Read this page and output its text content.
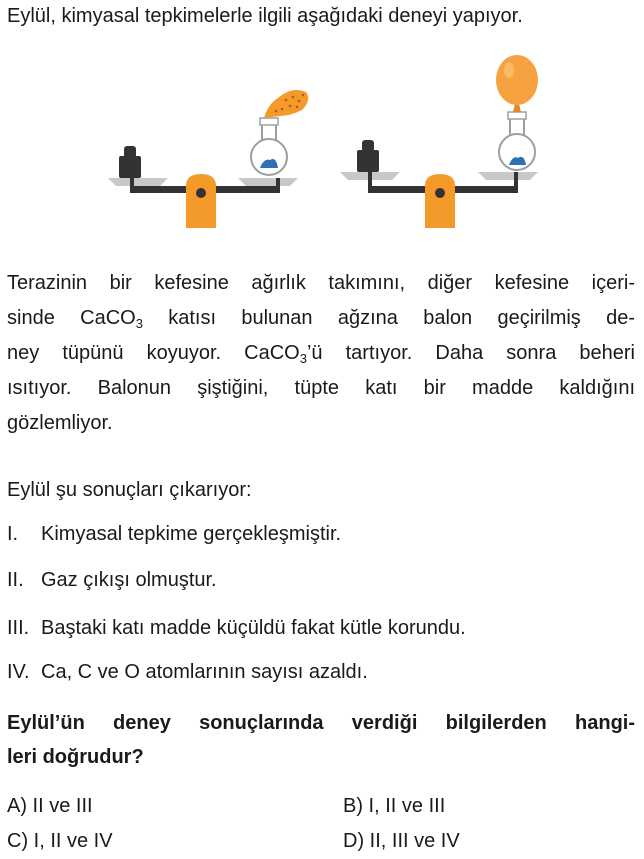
Eylül, kimyasal tepkimelerle ilgili aşağıdaki deneyi yapıyor.
Terazinin bir kefesine ağırlık takımını, diğer kefesine içeri-
sinde CaCO$_3$ katısı bulunan ağzına balon geçirilmiş de-
ney tüpünü koyuyor. CaCO$_3$’ü tartıyor. Daha sonra beheri
ısıtıyor. Balonun şiştiğini, tüpte katı bir madde kaldığını
gözlemliyor.
Eylül şu sonuçları çıkarıyor:
I. Kimyasal tepkime gerçekleşmiştir.
II. Gaz çıkışı olmuştur.
III. Baştaki katı madde küçüldü fakat kütle korundu.
IV. Ca, C ve O atomlarının sayısı azaldı.
Eylül’ün deney sonuçlarında verdiği bilgilerden hangi-
leri doğrudur?
A) II ve III	B) I, II ve III
C) I, II ve IV	D) II, III ve IV
